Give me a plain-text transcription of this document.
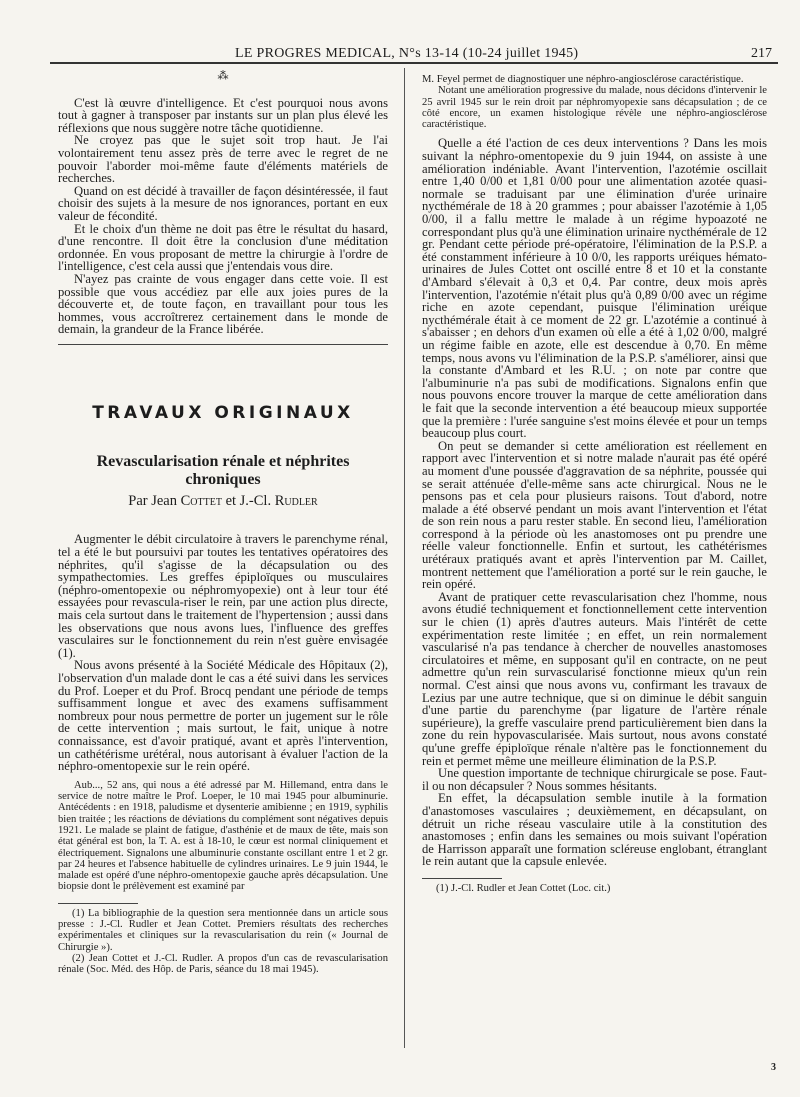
LE PROGRES MEDICAL, N°s 13-14 (10-24 juillet 1945)	217
⁂

C'est là œuvre d'intelligence. Et c'est pourquoi nous avons tout à gagner à transposer par instants sur un plan plus élevé les réflexions que nous suggère notre tâche quotidienne.

Ne croyez pas que le sujet soit trop haut. Je l'ai volontairement tenu assez près de terre avec le regret de ne pouvoir l'aborder moi-même faute d'éléments matériels de recherches.

Quand on est décidé à travailler de façon désintéressée, il faut choisir des sujets à la mesure de nos ignorances, portant en eux valeur de fécondité.

Et le choix d'un thème ne doit pas être le résultat du hasard, d'une rencontre. Il doit être la conclusion d'une méditation ordonnée. En vous proposant de mettre la chirurgie à l'ordre de l'intelligence, c'est cela aussi que j'entendais vous dire.

N'ayez pas crainte de vous engager dans cette voie. Il est possible que vous accédiez par elle aux joies pures de la découverte et, de toute façon, en travaillant pour tous les hommes, vous accroîtrerez certainement dans le monde de demain, la grandeur de la France libérée.

TRAVAUX ORIGINAUX
Revascularisation rénale et néphrites chroniques
Par Jean Cottet et J.-Cl. Rudler

Augmenter le débit circulatoire à travers le parenchyme rénal, tel a été le but poursuivi par toutes les tentatives opératoires des néphrites, qu'il s'agisse de la décapsulation ou des sympathectomies. Les greffes épiploïques ou musculaires (néphro-omentopexie ou néphromyopexie) ont à leur tour été essayées pour revascula-riser le rein, par une action plus directe, mais cela surtout dans le traitement de l'hypertension ; aussi dans les observations que nous avons lues, l'influence des greffes vasculaires sur le fonctionnement du rein n'est guère envisagée (1).

Nous avons présenté à la Société Médicale des Hôpitaux (2), l'observation d'un malade dont le cas a été suivi dans les services du Prof. Loeper et du Prof. Brocq pendant une période de temps suffisamment longue et avec des examens suffisamment nombreux pour nous permettre de porter un jugement sur le rôle de cette intervention ; mais surtout, le fait, unique à notre connaissance, est d'avoir pratiqué, avant et après l'intervention, un cathétérisme urétéral, nous autorisant à évaluer l'action de la néphro-omentopexie sur le rein opéré.

Aub..., 52 ans, qui nous a été adressé par M. Hillemand, entra dans le service de notre maître le Prof. Loeper, le 10 mai 1945 pour albuminurie. Antécédents : en 1918, paludisme et dysenterie amibienne ; en 1919, syphilis bien traitée ; les réactions de déviations du complément sont négatives depuis 1921. Le malade se plaint de fatigue, d'asthénie et de maux de tête, mais son état général est bon, la T. A. est à 18-10, le cœur est normal cliniquement et électriquement. Signalons une albuminurie constante oscillant entre 1 et 2 gr. par 24 heures et l'absence habituelle de cylindres urinaires. Le 9 juin 1944, le malade est opéré d'une néphro-omentopexie gauche après décapsulation. Une biopsie dont le prélèvement est examiné par

(1) La bibliographie de la question sera mentionnée dans un article sous presse : J.-Cl. Rudler et Jean Cottet. Premiers résultats des recherches expérimentales et cliniques sur la revascularisation du rein (« Journal de Chirurgie »).

(2) Jean Cottet et J.-Cl. Rudler. A propos d'un cas de revascularisation rénale (Soc. Méd. des Hôp. de Paris, séance du 18 mai 1945).

M. Feyel permet de diagnostiquer une néphro-angiosclérose caractéristique.

Notant une amélioration progressive du malade, nous décidons d'intervenir le 25 avril 1945 sur le rein droit par néphromyopexie sans décapsulation ; de ce côté encore, un examen histologique révèle une néphro-angiosclérose caractéristique.

Quelle a été l'action de ces deux interventions ? Dans les mois suivant la néphro-omentopexie du 9 juin 1944, on assiste à une amélioration indéniable. Avant l'intervention, l'azotémie oscillait entre 1,40 0/00 et 1,81 0/00 pour une alimentation azotée quasi-normale se traduisant par une élimination d'urée urinaire nycthémérale de 18 à 20 grammes ; pour abaisser l'azotémie à 1,05 0/00, il a fallu mettre le malade à un régime hypoazoté ne correspondant plus qu'à une élimination urinaire nycthémérale de 12 gr. Pendant cette période pré-opératoire, l'élimination de la P.S.P. a été constamment inférieure à 10 0/0, les rapports uréiques hémato-urinaires de Jules Cottet ont oscillé entre 8 et 10 et la constante d'Ambard s'élevait à 0,3 et 0,4. Par contre, deux mois après l'intervention, l'azotémie n'était plus qu'à 0,89 0/00 avec un régime riche en azote cependant, puisque l'élimination uréique nycthémérale était à ce moment de 22 gr. L'azotémie a continué à s'abaisser ; en dehors d'un examen où elle a été à 1,02 0/00, malgré un régime faible en azote, elle est descendue à 0,70. En même temps, nous avons vu l'élimination de la P.S.P. s'améliorer, ainsi que la constante d'Ambard et les R.U. ; on note par contre que l'albuminurie n'a pas subi de modifications. Signalons enfin que nous pouvons encore trouver la marque de cette amélioration dans le fait que la seconde intervention a été beaucoup mieux supportée que la première : l'urée sanguine s'est moins élevée et pour un temps beaucoup plus court.

On peut se demander si cette amélioration est réellement en rapport avec l'intervention et si notre malade n'aurait pas été opéré au moment d'une poussée d'aggravation de sa néphrite, poussée qui se serait atténuée d'elle-même sans acte chirurgical. Nous ne le pensons pas et cela pour plusieurs raisons. Tout d'abord, notre malade a été observé pendant un mois avant l'intervention et l'état de son rein nous a paru rester stable. En second lieu, l'amélioration correspond à la période où les anastomoses ont pu prendre une réelle valeur fonctionnelle. Enfin et surtout, les cathétérismes urétéraux pratiqués avant et après l'intervention par M. Caillet, montrent nettement que l'amélioration a porté sur le rein gauche, le rein opéré.

Avant de pratiquer cette revascularisation chez l'homme, nous avons étudié techniquement et fonctionnellement cette intervention sur le chien (1) après d'autres auteurs. Mais l'intérêt de cette expérimentation reste limitée ; en effet, un rein normalement vascularisé n'a pas tendance à chercher de nouvelles anastomoses circulatoires et même, en supposant qu'il en contracte, on ne peut admettre qu'un rein survascularisé fonctionne mieux qu'un rein normal. C'est ainsi que nous avons vu, confirmant les travaux de Lezius par une autre technique, que si on diminue le débit sanguin d'une partie du parenchyme (par ligature de l'artère rénale supérieure), la greffe vasculaire prend particulièrement bien dans la zone du rein hypovascularisée. Mais surtout, nous avons constaté qu'une greffe épiploïque rénale n'altère pas le fonctionnement du rein et permet même une meilleure élimination de la P.S.P.

Une question importante de technique chirurgicale se pose. Faut-il ou non décapsuler ? Nous sommes hésitants.

En effet, la décapsulation semble inutile à la formation d'anastomoses vasculaires ; deuxièmement, en décapsulant, on détruit un riche réseau vasculaire utile à la constitution des anastomoses ; enfin dans les semaines ou mois suivant l'opération de Harrisson apparaît une formation scléreuse englobant, étranglant le rein autant que la capsule enlevée.

(1) J.-Cl. Rudler et Jean Cottet (Loc. cit.)

3
